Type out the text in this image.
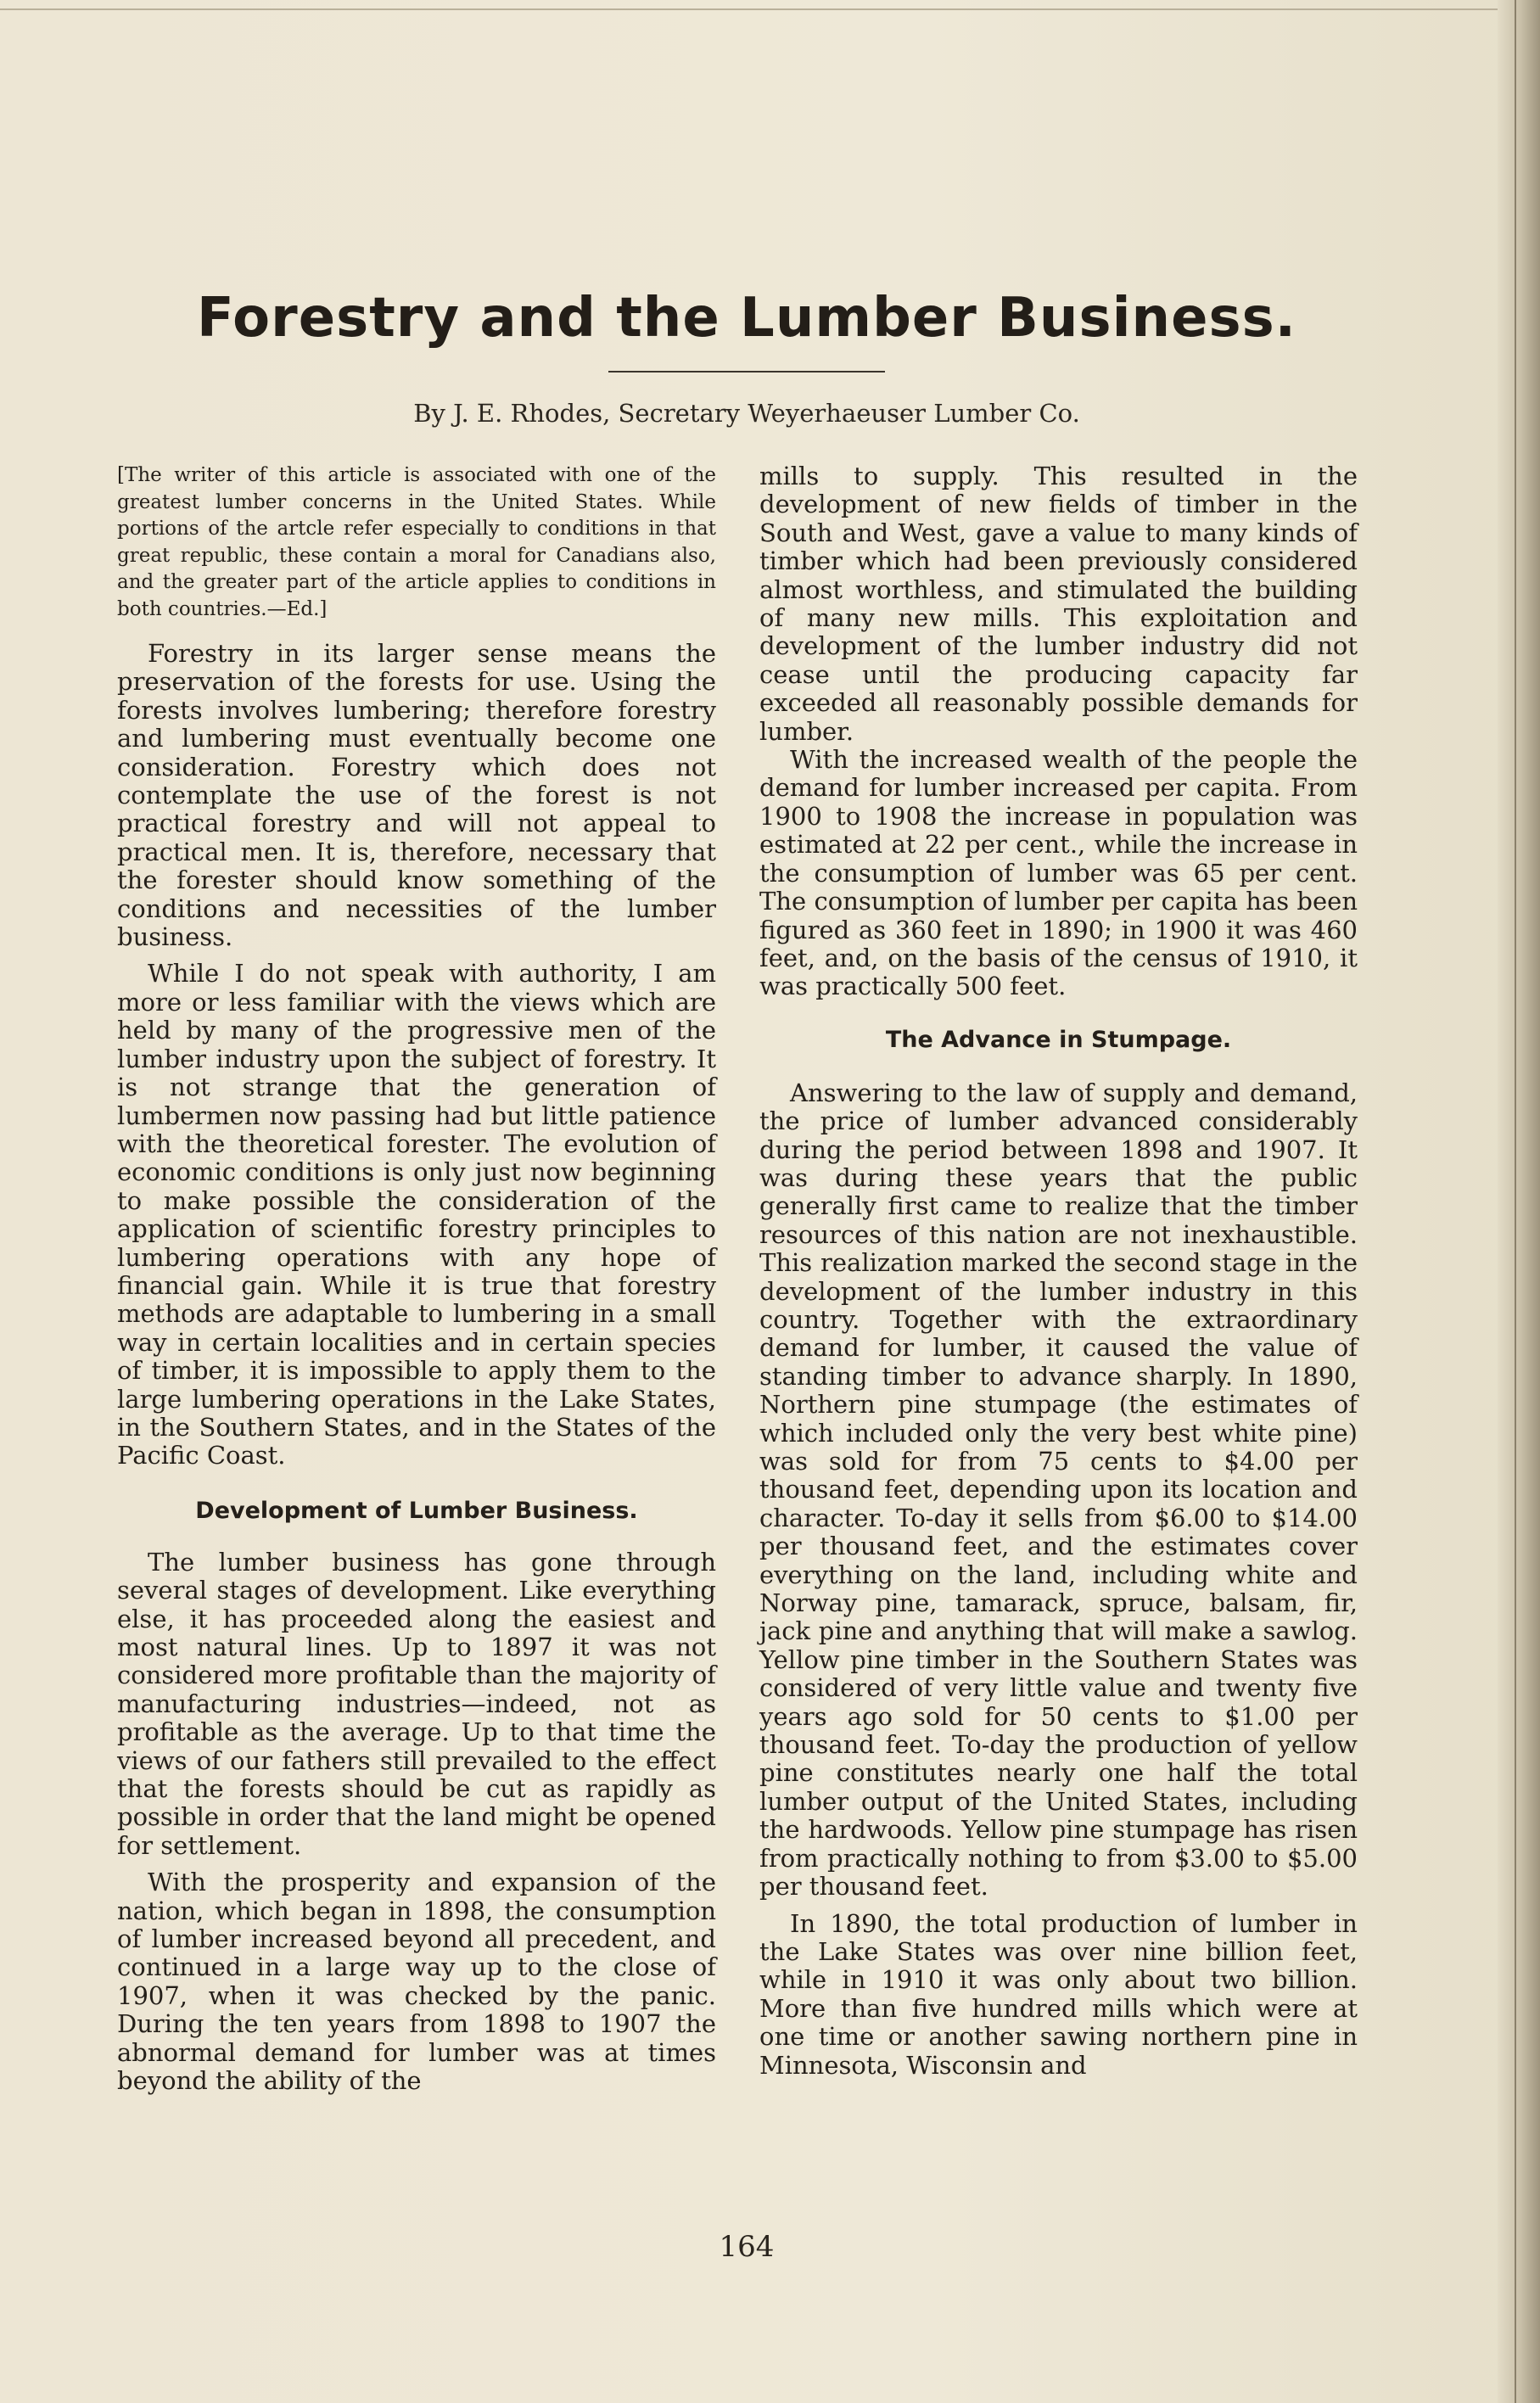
Forestry and the Lumber Business.
By J. E. Rhodes, Secretary Weyerhaeuser Lumber Co.

[The writer of this article is associated with one of the greatest lumber concerns in the United States. While portions of the artcle refer especially to conditions in that great republic, these contain a moral for Canadians also, and the greater part of the article applies to conditions in both countries.—Ed.]

Forestry in its larger sense means the preservation of the forests for use. Using the forests involves lumbering; therefore forestry and lumbering must eventually become one consideration. Forestry which does not contemplate the use of the forest is not practical forestry and will not appeal to practical men. It is, therefore, necessary that the forester should know something of the conditions and necessities of the lumber business.

While I do not speak with authority, I am more or less familiar with the views which are held by many of the progressive men of the lumber industry upon the subject of forestry. It is not strange that the generation of lumbermen now passing had but little patience with the theoretical forester. The evolution of economic conditions is only just now beginning to make possible the consideration of the application of scientific forestry principles to lumbering operations with any hope of financial gain. While it is true that forestry methods are adaptable to lumbering in a small way in certain localities and in certain species of timber, it is impossible to apply them to the large lumbering operations in the Lake States, in the Southern States, and in the States of the Pacific Coast.

Development of Lumber Business.

The lumber business has gone through several stages of development. Like everything else, it has proceeded along the easiest and most natural lines. Up to 1897 it was not considered more profitable than the majority of manufacturing industries—indeed, not as profitable as the average. Up to that time the views of our fathers still prevailed to the effect that the forests should be cut as rapidly as possible in order that the land might be opened for settlement.

With the prosperity and expansion of the nation, which began in 1898, the consumption of lumber increased beyond all precedent, and continued in a large way up to the close of 1907, when it was checked by the panic. During the ten years from 1898 to 1907 the abnormal demand for lumber was at times beyond the ability of the

mills to supply. This resulted in the development of new fields of timber in the South and West, gave a value to many kinds of timber which had been previously considered almost worthless, and stimulated the building of many new mills. This exploitation and development of the lumber industry did not cease until the producing capacity far exceeded all reasonably possible demands for lumber.

With the increased wealth of the people the demand for lumber increased per capita. From 1900 to 1908 the increase in population was estimated at 22 per cent., while the increase in the consumption of lumber was 65 per cent. The consumption of lumber per capita has been figured as 360 feet in 1890; in 1900 it was 460 feet, and, on the basis of the census of 1910, it was practically 500 feet.

The Advance in Stumpage.

Answering to the law of supply and demand, the price of lumber advanced considerably during the period between 1898 and 1907. It was during these years that the public generally first came to realize that the timber resources of this nation are not inexhaustible. This realization marked the second stage in the development of the lumber industry in this country. Together with the extraordinary demand for lumber, it caused the value of standing timber to advance sharply. In 1890, Northern pine stumpage (the estimates of which included only the very best white pine) was sold for from 75 cents to $4.00 per thousand feet, depending upon its location and character. To-day it sells from $6.00 to $14.00 per thousand feet, and the estimates cover everything on the land, including white and Norway pine, tamarack, spruce, balsam, fir, jack pine and anything that will make a sawlog. Yellow pine timber in the Southern States was considered of very little value and twenty five years ago sold for 50 cents to $1.00 per thousand feet. To-day the production of yellow pine constitutes nearly one half the total lumber output of the United States, including the hardwoods. Yellow pine stumpage has risen from practically nothing to from $3.00 to $5.00 per thousand feet.

In 1890, the total production of lumber in the Lake States was over nine billion feet, while in 1910 it was only about two billion. More than five hundred mills which were at one time or another sawing northern pine in Minnesota, Wisconsin and

164
